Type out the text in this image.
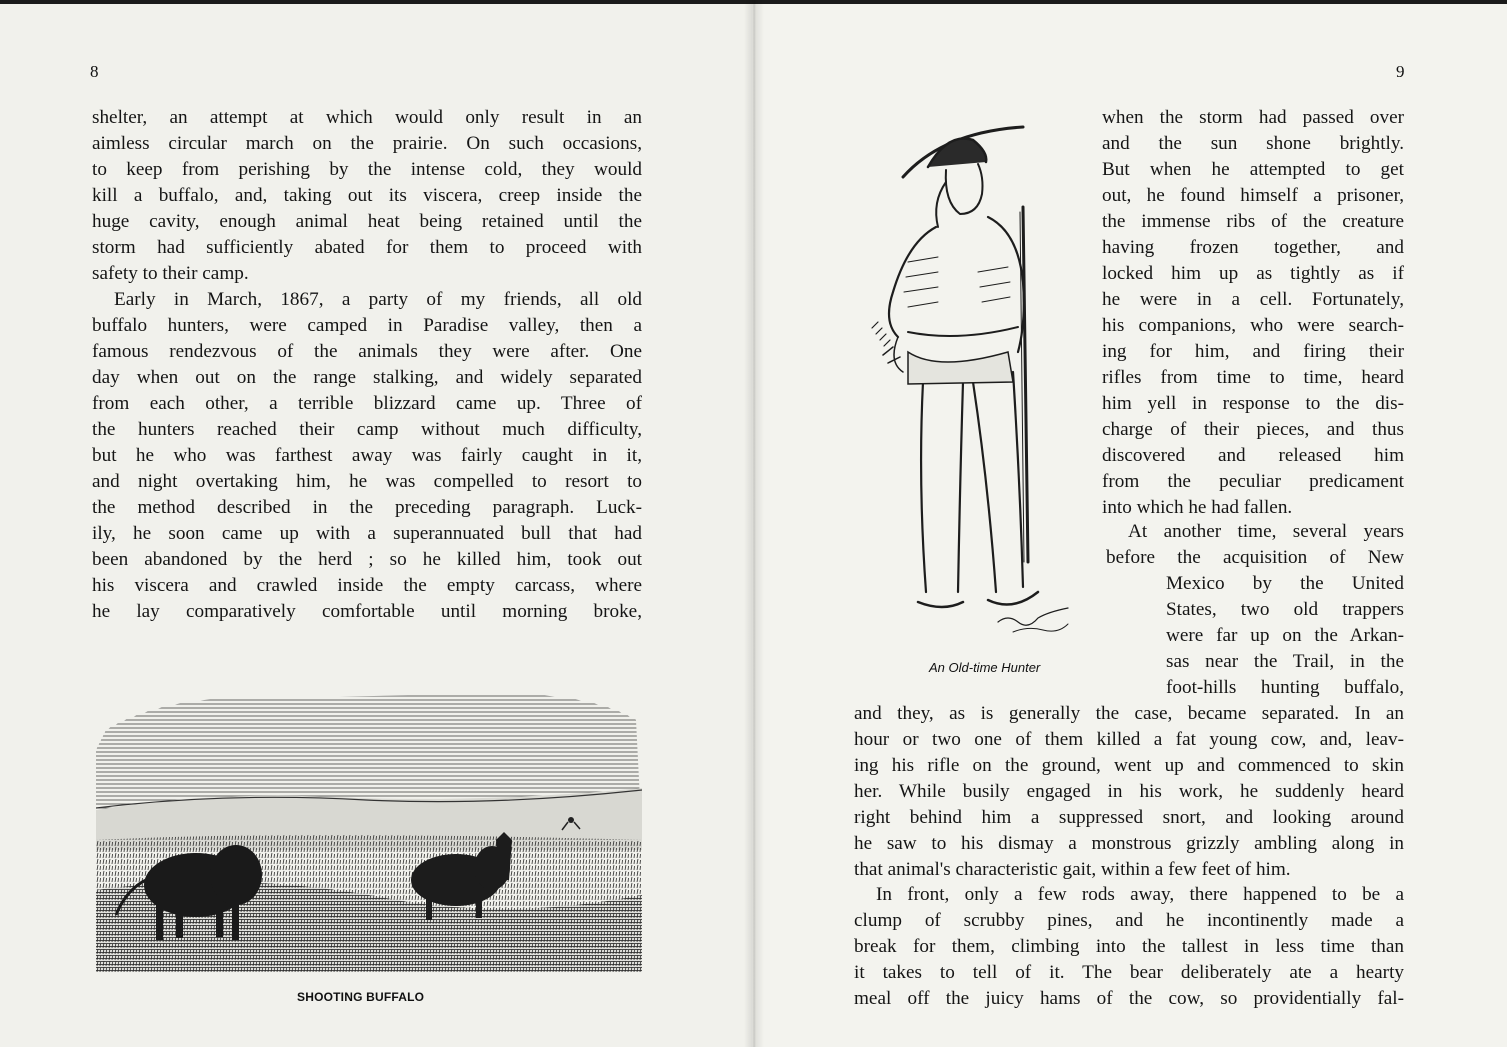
8
shelter, an attempt at which would only result in an
aimless circular march on the prairie. On such occasions,
to keep from perishing by the intense cold, they would
kill a buffalo, and, taking out its viscera, creep inside the
huge cavity, enough animal heat being retained until the
storm had sufficiently abated for them to proceed with
safety to their camp.
Early in March, 1867, a party of my friends, all old
buffalo hunters, were camped in Paradise valley, then a
famous rendezvous of the animals they were after. One
day when out on the range stalking, and widely separated
from each other, a terrible blizzard came up. Three of
the hunters reached their camp without much difficulty,
but he who was farthest away was fairly caught in it,
and night overtaking him, he was compelled to resort to
the method described in the preceding paragraph. Luck-
ily, he soon came up with a superannuated bull that had
been abandoned by the herd ; so he killed him, took out
his viscera and crawled inside the empty carcass, where
he lay comparatively comfortable until morning broke,
SHOOTING BUFFALO
9
An Old-time Hunter
when the storm had passed over
and the sun shone brightly.
But when he attempted to get
out, he found himself a prisoner,
the immense ribs of the creature
having frozen together, and
locked him up as tightly as if
he were in a cell. Fortunately,
his companions, who were search-
ing for him, and firing their
rifles from time to time, heard
him yell in response to the dis-
charge of their pieces, and thus
discovered and released him
from the peculiar predicament
into which he had fallen.
At another time, several years
before the acquisition of New
Mexico by the United
States, two old trappers
were far up on the Arkan-
sas near the Trail, in the
foot-hills hunting buffalo,
and they, as is generally the case, became separated. In an
hour or two one of them killed a fat young cow, and, leav-
ing his rifle on the ground, went up and commenced to skin
her. While busily engaged in his work, he suddenly heard
right behind him a suppressed snort, and looking around
he saw to his dismay a monstrous grizzly ambling along in
that animal's characteristic gait, within a few feet of him.
In front, only a few rods away, there happened to be a
clump of scrubby pines, and he incontinently made a
break for them, climbing into the tallest in less time than
it takes to tell of it. The bear deliberately ate a hearty
meal off the juicy hams of the cow, so providentially fal-
